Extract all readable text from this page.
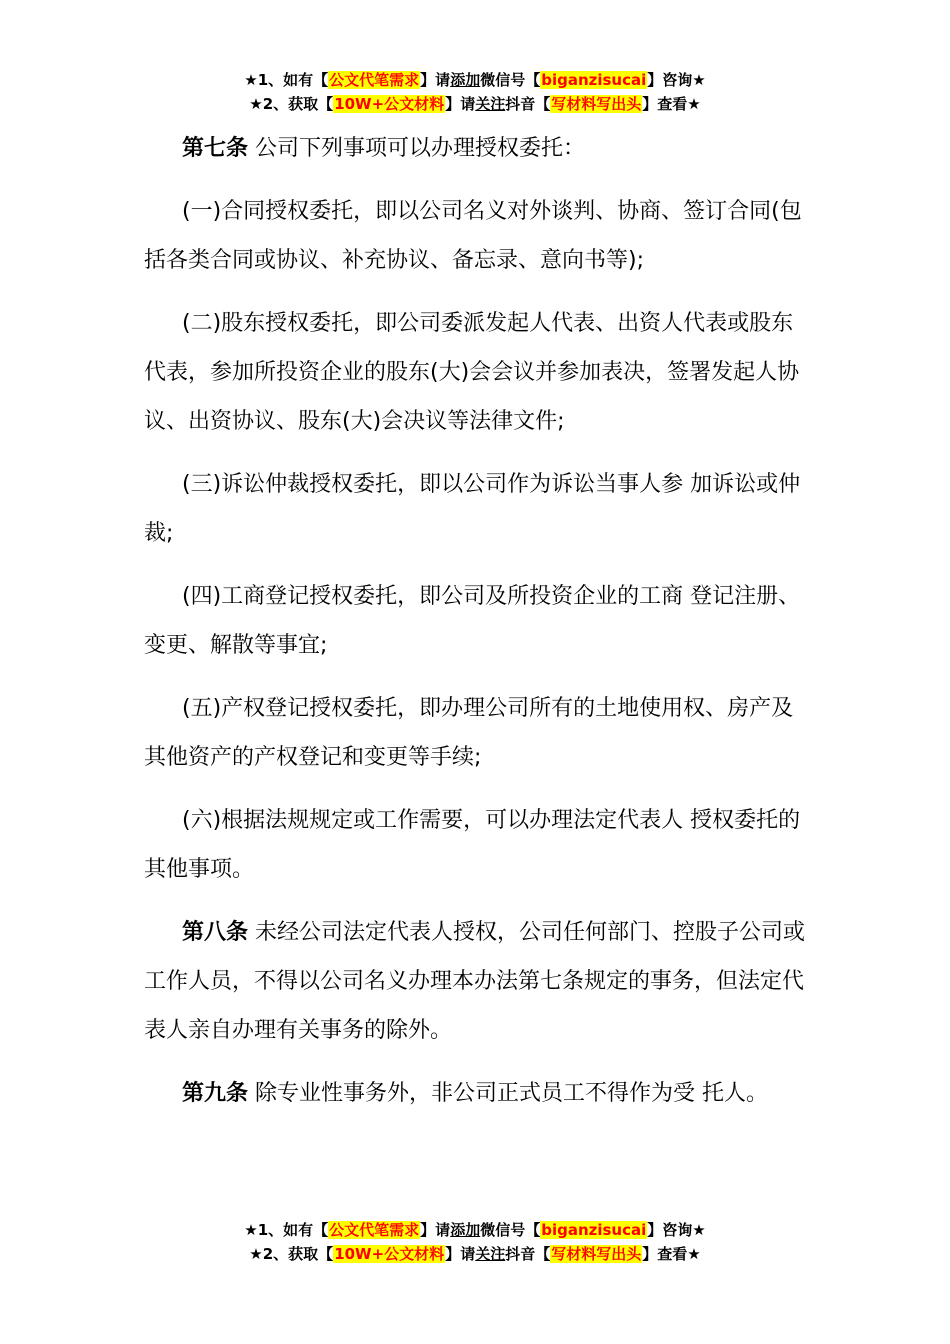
★1、如有【公文代笔需求】请添加微信号【biganzisucai】咨询★
★2、获取【10W+公文材料】请关注抖音【写材料写出头】查看★

第七条 公司下列事项可以办理授权委托：

(一)合同授权委托，即以公司名义对外谈判、协商、签订合同(包括各类合同或协议、补充协议、备忘录、意向书等);

(二)股东授权委托，即公司委派发起人代表、出资人代表或股东代表，参加所投资企业的股东(大)会会议并参加表决，签署发起人协议、出资协议、股东(大)会决议等法律文件;

(三)诉讼仲裁授权委托，即以公司作为诉讼当事人参 加诉讼或仲裁;

(四)工商登记授权委托，即公司及所投资企业的工商 登记注册、变更、解散等事宜;

(五)产权登记授权委托，即办理公司所有的土地使用权、房产及其他资产的产权登记和变更等手续;

(六)根据法规规定或工作需要，可以办理法定代表人 授权委托的其他事项。

第八条 未经公司法定代表人授权，公司任何部门、控股子公司或工作人员，不得以公司名义办理本办法第七条规定的事务，但法定代表人亲自办理有关事务的除外。

第九条 除专业性事务外，非公司正式员工不得作为受 托人。

★1、如有【公文代笔需求】请添加微信号【biganzisucai】咨询★
★2、获取【10W+公文材料】请关注抖音【写材料写出头】查看★
